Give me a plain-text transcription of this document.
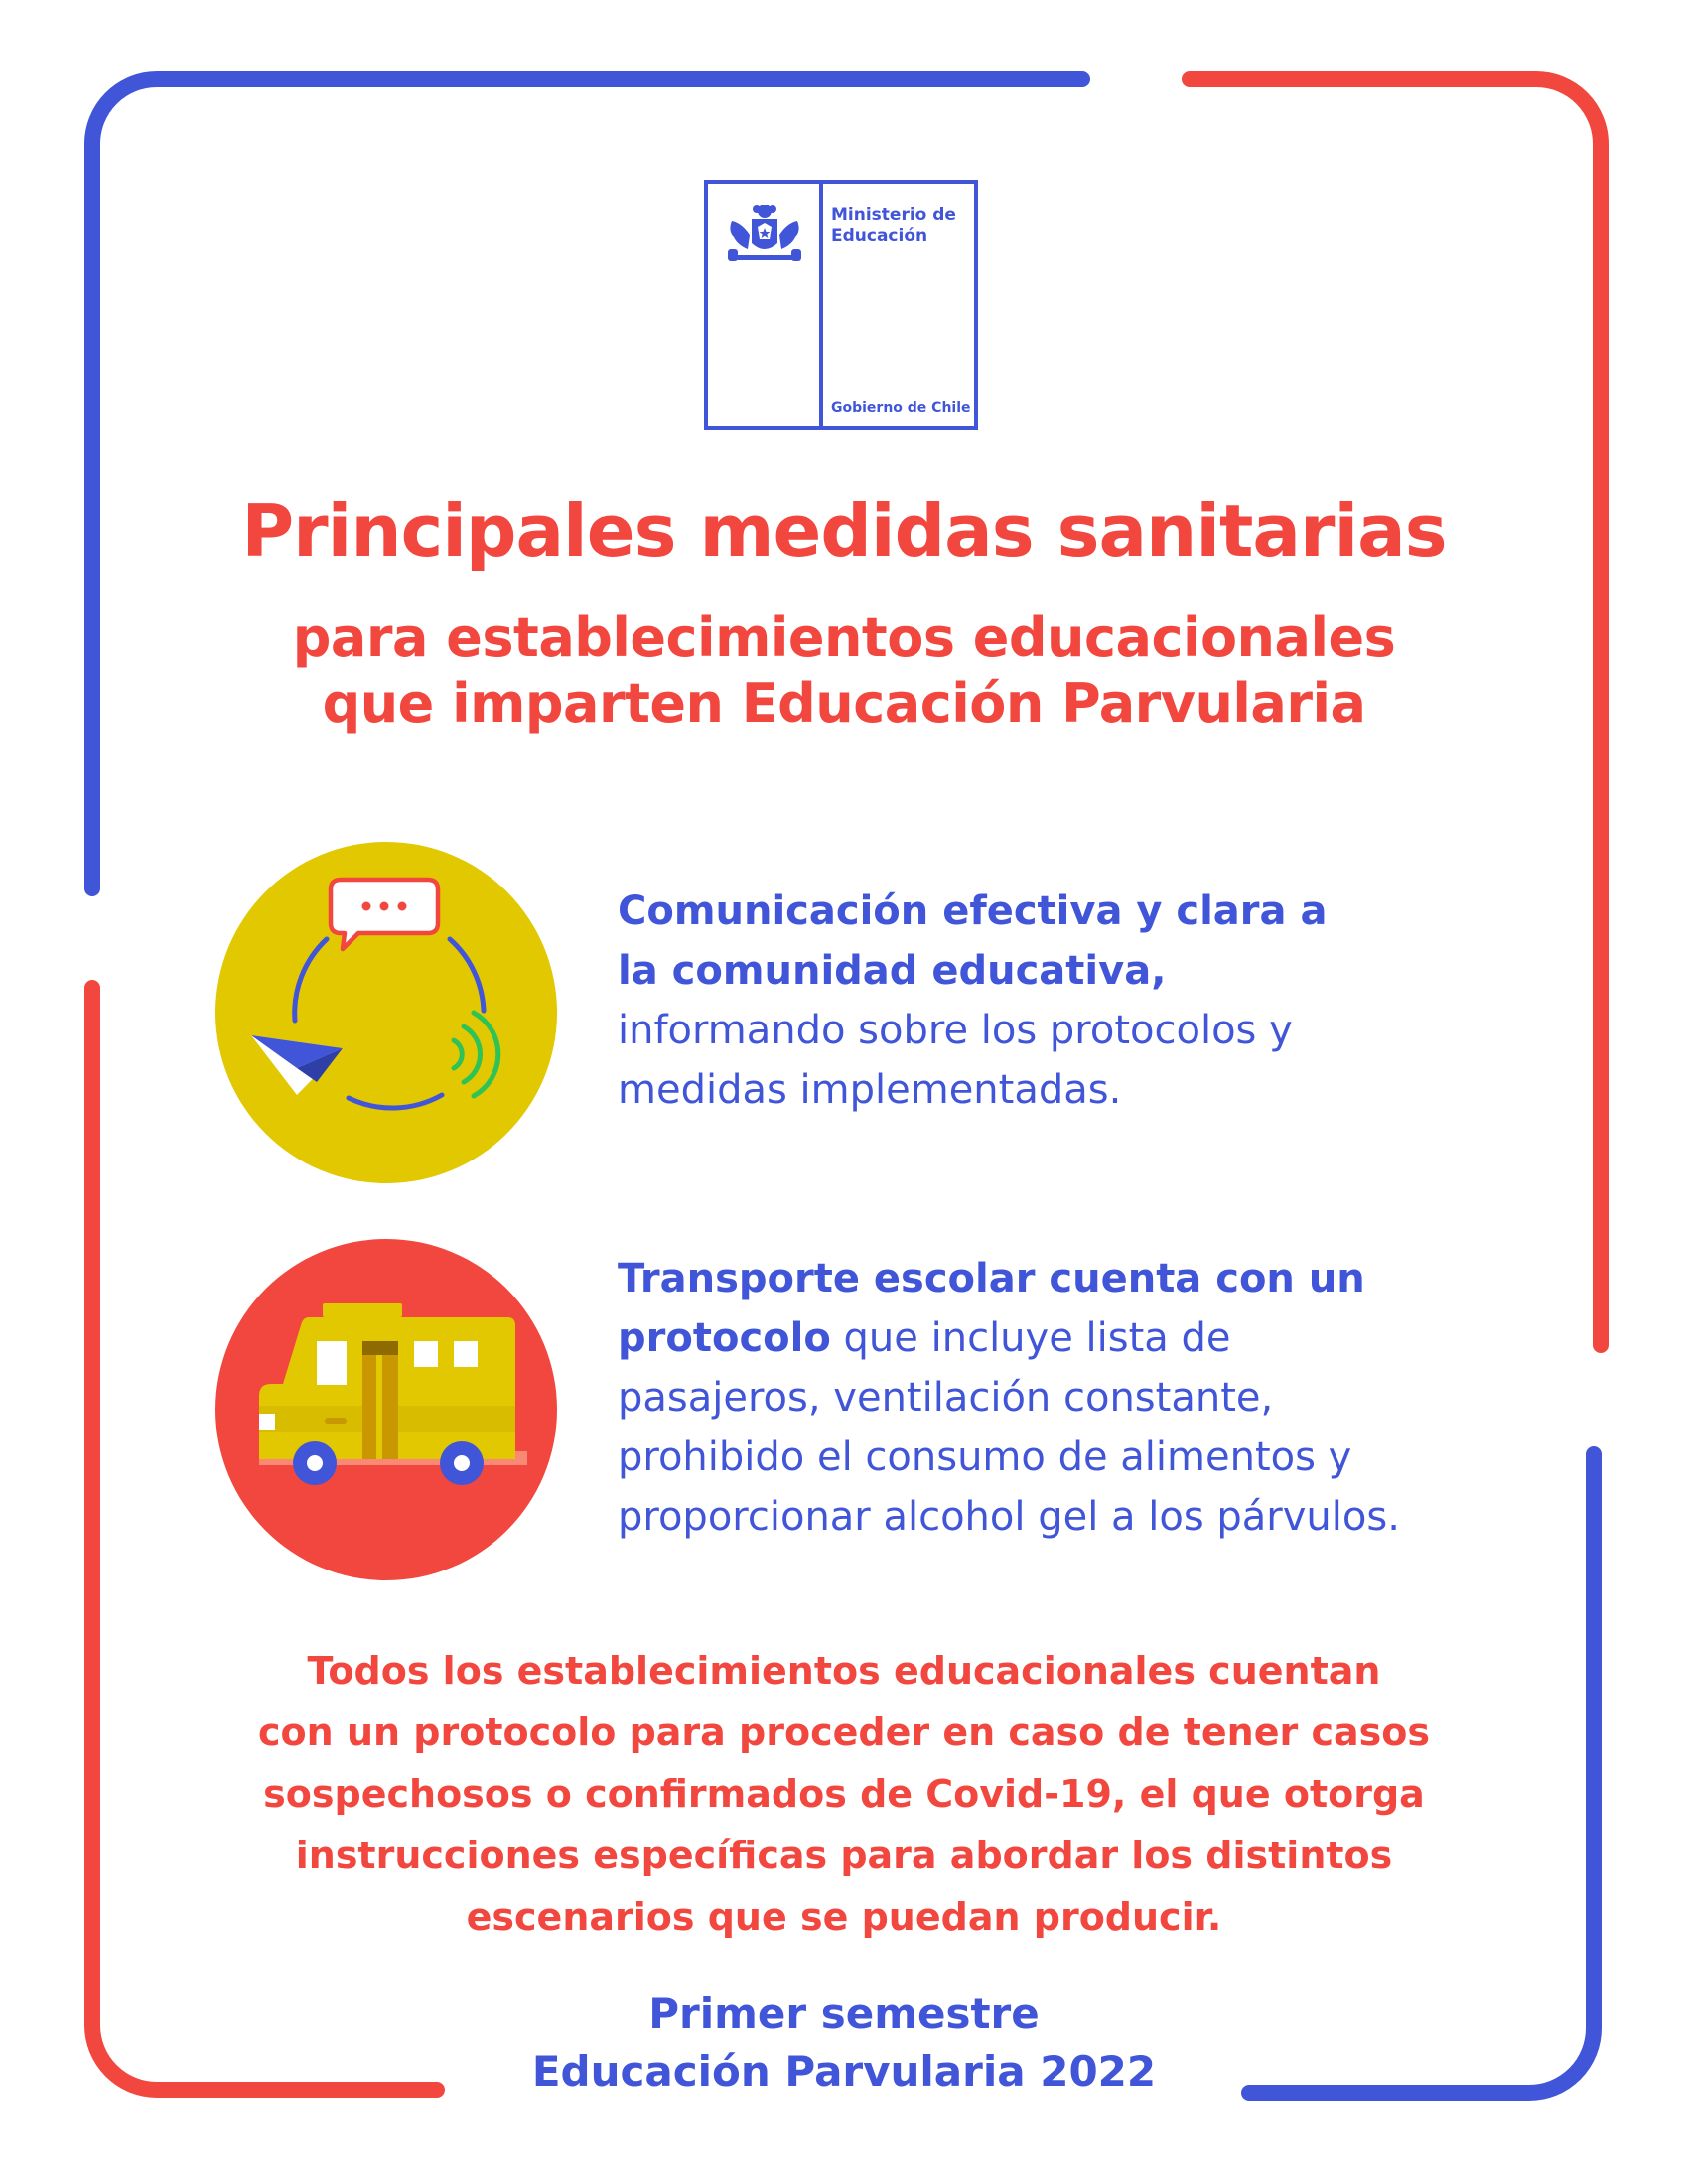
Ministerio de
Educación
Gobierno de Chile
Principales medidas sanitarias
para establecimientos educacionales
que imparten Educación Parvularia
Comunicación efectiva y clara a
la comunidad educativa,
informando sobre los protocolos y
medidas implementadas.
Transporte escolar cuenta con un
protocolo que incluye lista de
pasajeros, ventilación constante,
prohibido el consumo de alimentos y
proporcionar alcohol gel a los párvulos.
Todos los establecimientos educacionales cuentan
con un protocolo para proceder en caso de tener casos
sospechosos o confirmados de Covid-19, el que otorga
instrucciones específicas para abordar los distintos
escenarios que se puedan producir.
Primer semestre
Educación Parvularia 2022
